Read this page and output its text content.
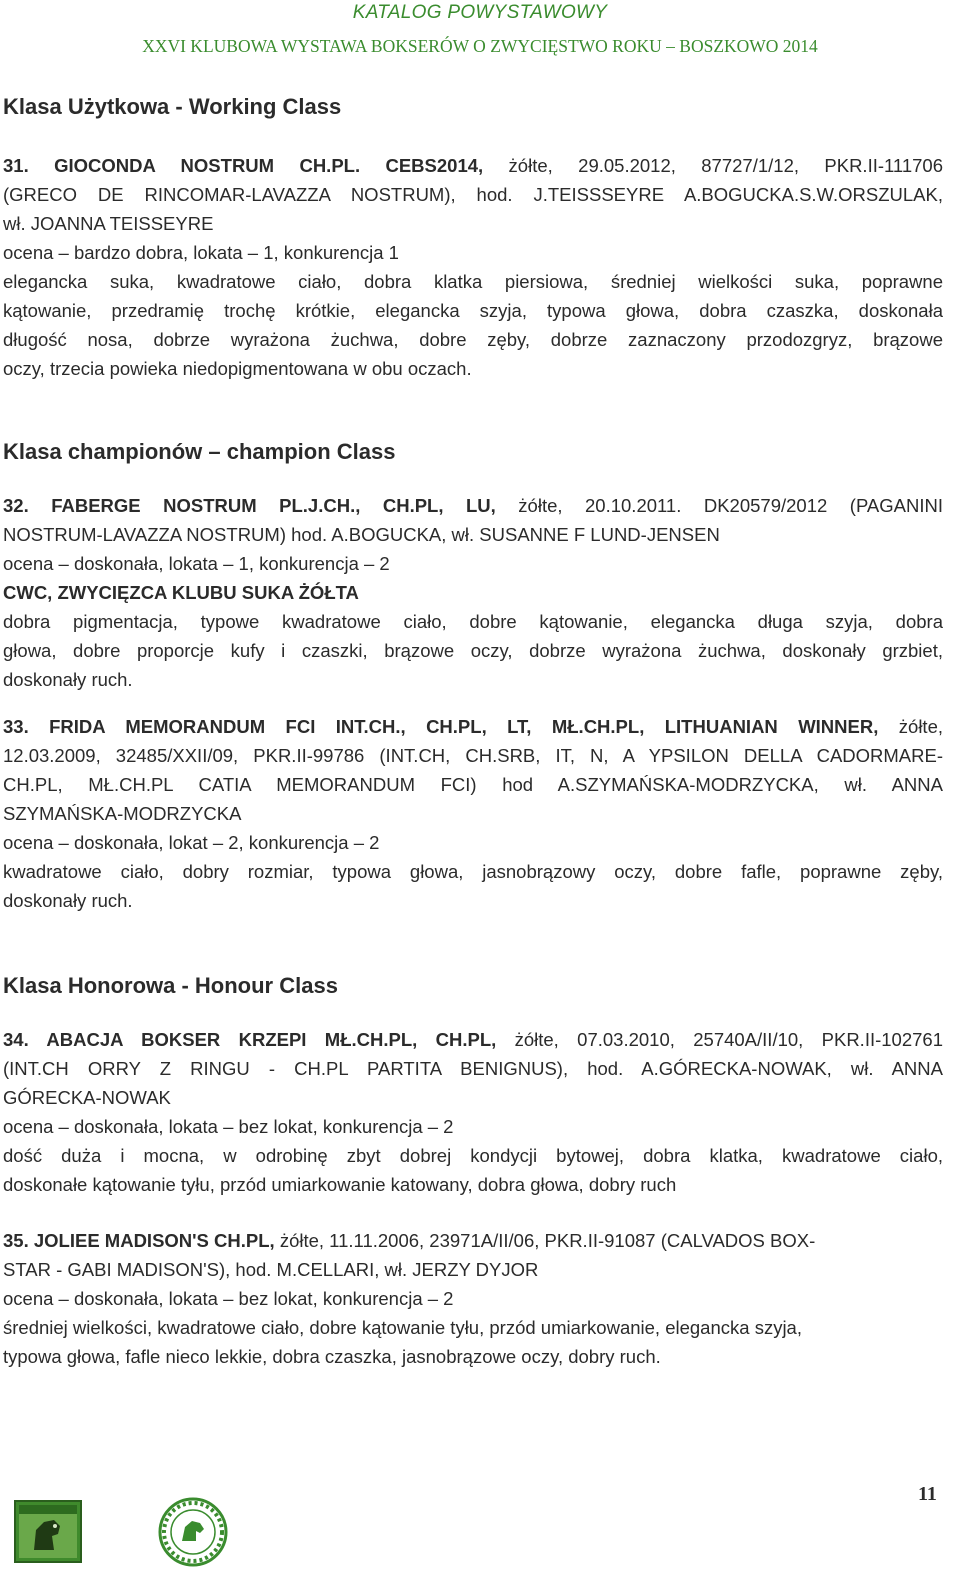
KATALOG POWYSTAWOWY
XXVI KLUBOWA WYSTAWA BOKSERÓW O ZWYCIĘSTWO ROKU – BOSZKOWO 2014
Klasa Użytkowa - Working Class
31. GIOCONDA NOSTRUM CH.PL. CEBS2014, żółte, 29.05.2012, 87727/1/12, PKR.II-111706
(GRECO DE RINCOMAR-LAVAZZA NOSTRUM), hod. J.TEISSSEYRE A.BOGUCKA.S.W.ORSZULAK,
wł. JOANNA TEISSEYRE
ocena – bardzo dobra, lokata – 1, konkurencja 1
elegancka suka, kwadratowe ciało, dobra klatka piersiowa, średniej wielkości suka, poprawne
kątowanie, przedramię trochę krótkie, elegancka szyja, typowa głowa, dobra czaszka, doskonała
długość nosa, dobrze wyrażona żuchwa, dobre zęby, dobrze zaznaczony przodozgryz, brązowe
oczy, trzecia powieka niedopigmentowana w obu oczach.
Klasa championów – champion Class
32. FABERGE NOSTRUM PL.J.CH., CH.PL, LU, żółte, 20.10.2011. DK20579/2012 (PAGANINI
NOSTRUM-LAVAZZA NOSTRUM) hod. A.BOGUCKA, wł. SUSANNE F LUND-JENSEN
ocena – doskonała, lokata – 1, konkurencja – 2
CWC, ZWYCIĘZCA KLUBU SUKA ŻÓŁTA
dobra pigmentacja, typowe kwadratowe ciało, dobre kątowanie, elegancka długa szyja, dobra
głowa, dobre proporcje kufy i czaszki, brązowe oczy, dobrze wyrażona żuchwa, doskonały grzbiet,
doskonały ruch.
33. FRIDA MEMORANDUM FCI INT.CH., CH.PL, LT, MŁ.CH.PL, LITHUANIAN WINNER, żółte,
12.03.2009, 32485/XXII/09, PKR.II-99786 (INT.CH, CH.SRB, IT, N, A YPSILON DELLA CADORMARE-
CH.PL, MŁ.CH.PL CATIA MEMORANDUM FCI) hod A.SZYMAŃSKA-MODRZYCKA, wł. ANNA
SZYMAŃSKA-MODRZYCKA
ocena – doskonała, lokat – 2, konkurencja – 2
kwadratowe ciało, dobry rozmiar, typowa głowa, jasnobrązowy oczy, dobre fafle, poprawne zęby,
doskonały ruch.
Klasa Honorowa - Honour Class
34. ABACJA BOKSER KRZEPI MŁ.CH.PL, CH.PL, żółte, 07.03.2010, 25740A/II/10, PKR.II-102761
(INT.CH ORRY Z RINGU - CH.PL PARTITA BENIGNUS), hod. A.GÓRECKA-NOWAK, wł. ANNA
GÓRECKA-NOWAK
ocena – doskonała, lokata – bez lokat, konkurencja – 2
dość duża i mocna, w odrobinę zbyt dobrej kondycji bytowej, dobra klatka, kwadratowe ciało,
doskonałe kątowanie tyłu, przód umiarkowanie katowany, dobra głowa, dobry ruch
35. JOLIEE MADISON'S CH.PL, żółte, 11.11.2006, 23971A/II/06, PKR.II-91087 (CALVADOS BOX-
STAR - GABI MADISON'S), hod. M.CELLARI, wł. JERZY DYJOR
ocena – doskonała, lokata – bez lokat, konkurencja – 2
średniej wielkości, kwadratowe ciało, dobre kątowanie tyłu, przód umiarkowanie, elegancka szyja,
typowa głowa, fafle nieco lekkie, dobra czaszka, jasnobrązowe oczy, dobry ruch.
11
